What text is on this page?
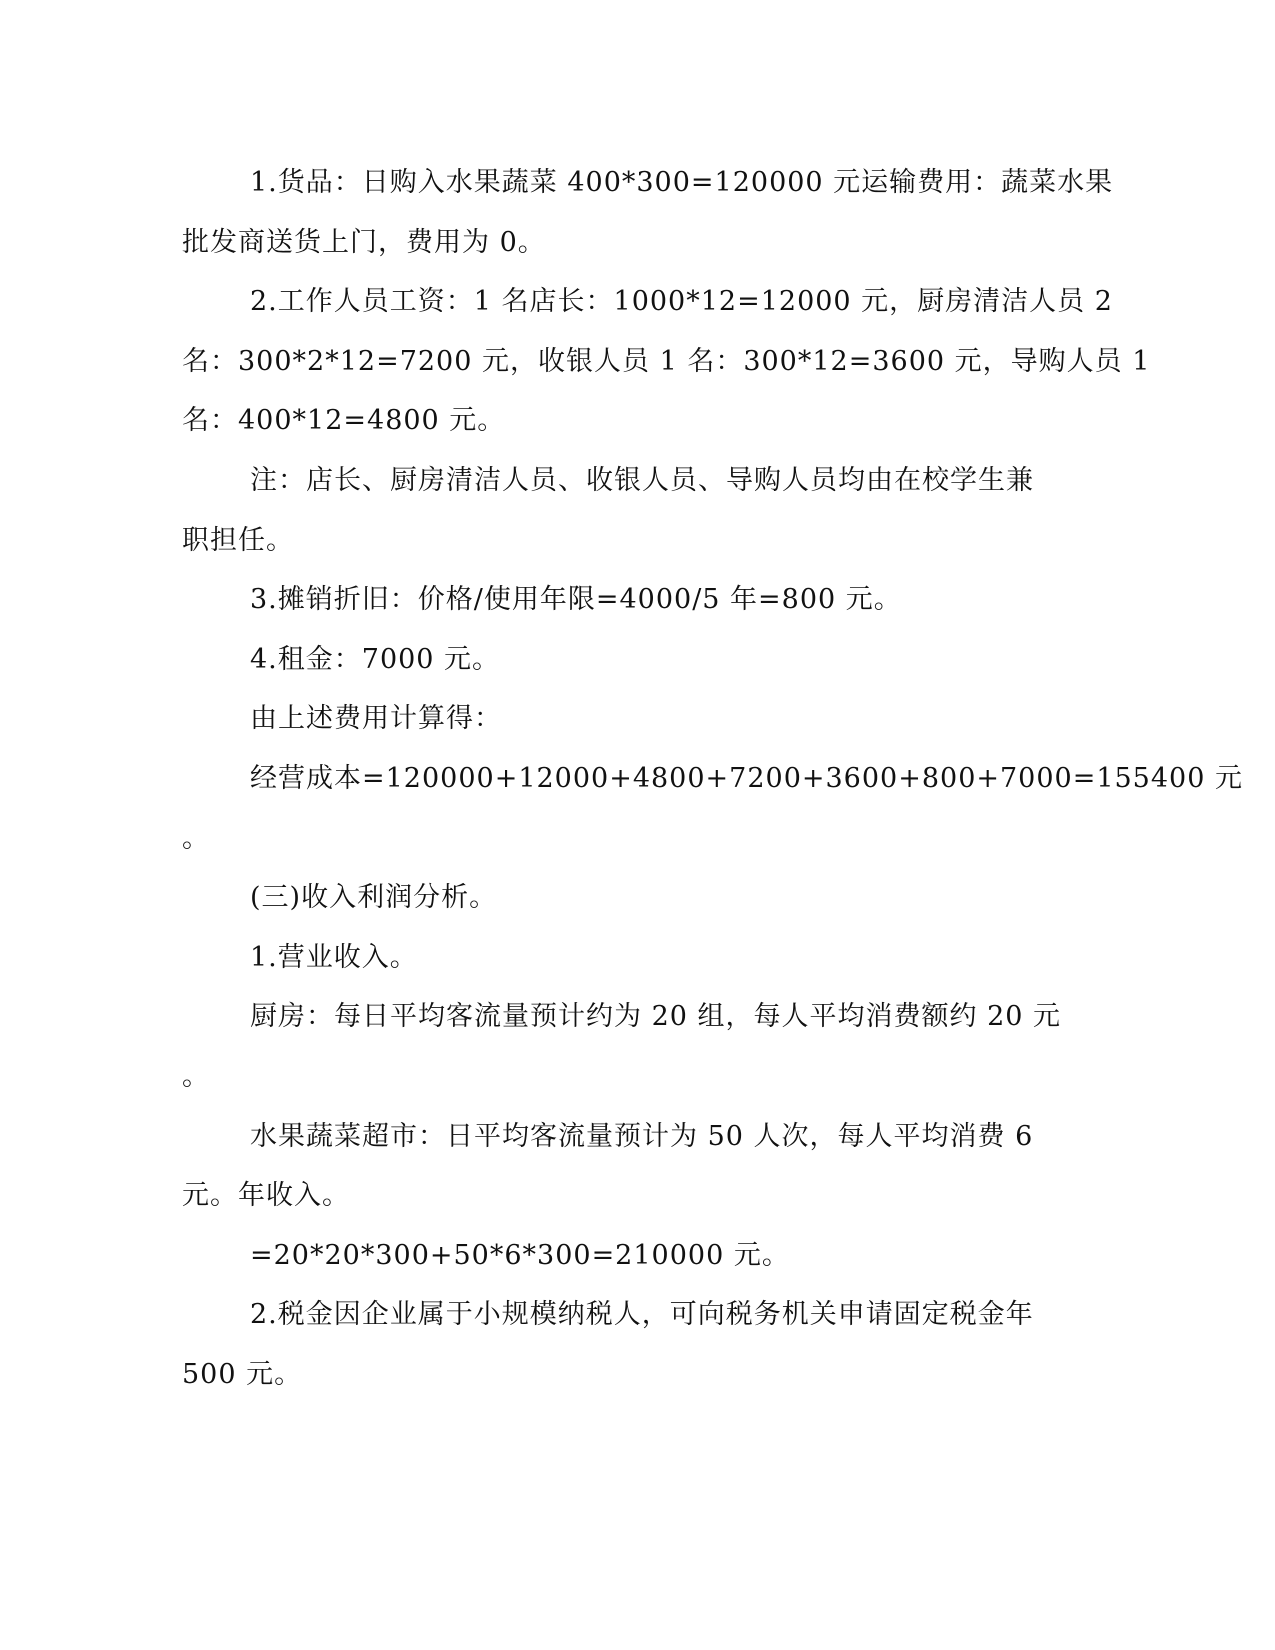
1.货品：日购入水果蔬菜 400*300=120000 元运输费用：蔬菜水果

批发商送货上门，费用为 0。

2.工作人员工资：1 名店长：1000*12=12000 元，厨房清洁人员 2

名：300*2*12=7200 元，收银人员 1 名：300*12=3600 元，导购人员 1

名：400*12=4800 元。

注：店长、厨房清洁人员、收银人员、导购人员均由在校学生兼

职担任。

3.摊销折旧：价格/使用年限=4000/5 年=800 元。

4.租金：7000 元。

由上述费用计算得：

经营成本=120000+12000+4800+7200+3600+800+7000=155400 元

。

(三)收入利润分析。

1.营业收入。

厨房：每日平均客流量预计约为 20 组，每人平均消费额约 20 元

。

水果蔬菜超市：日平均客流量预计为 50 人次，每人平均消费 6

元。年收入。

=20*20*300+50*6*300=210000 元。

2.税金因企业属于小规模纳税人，可向税务机关申请固定税金年

500 元。
